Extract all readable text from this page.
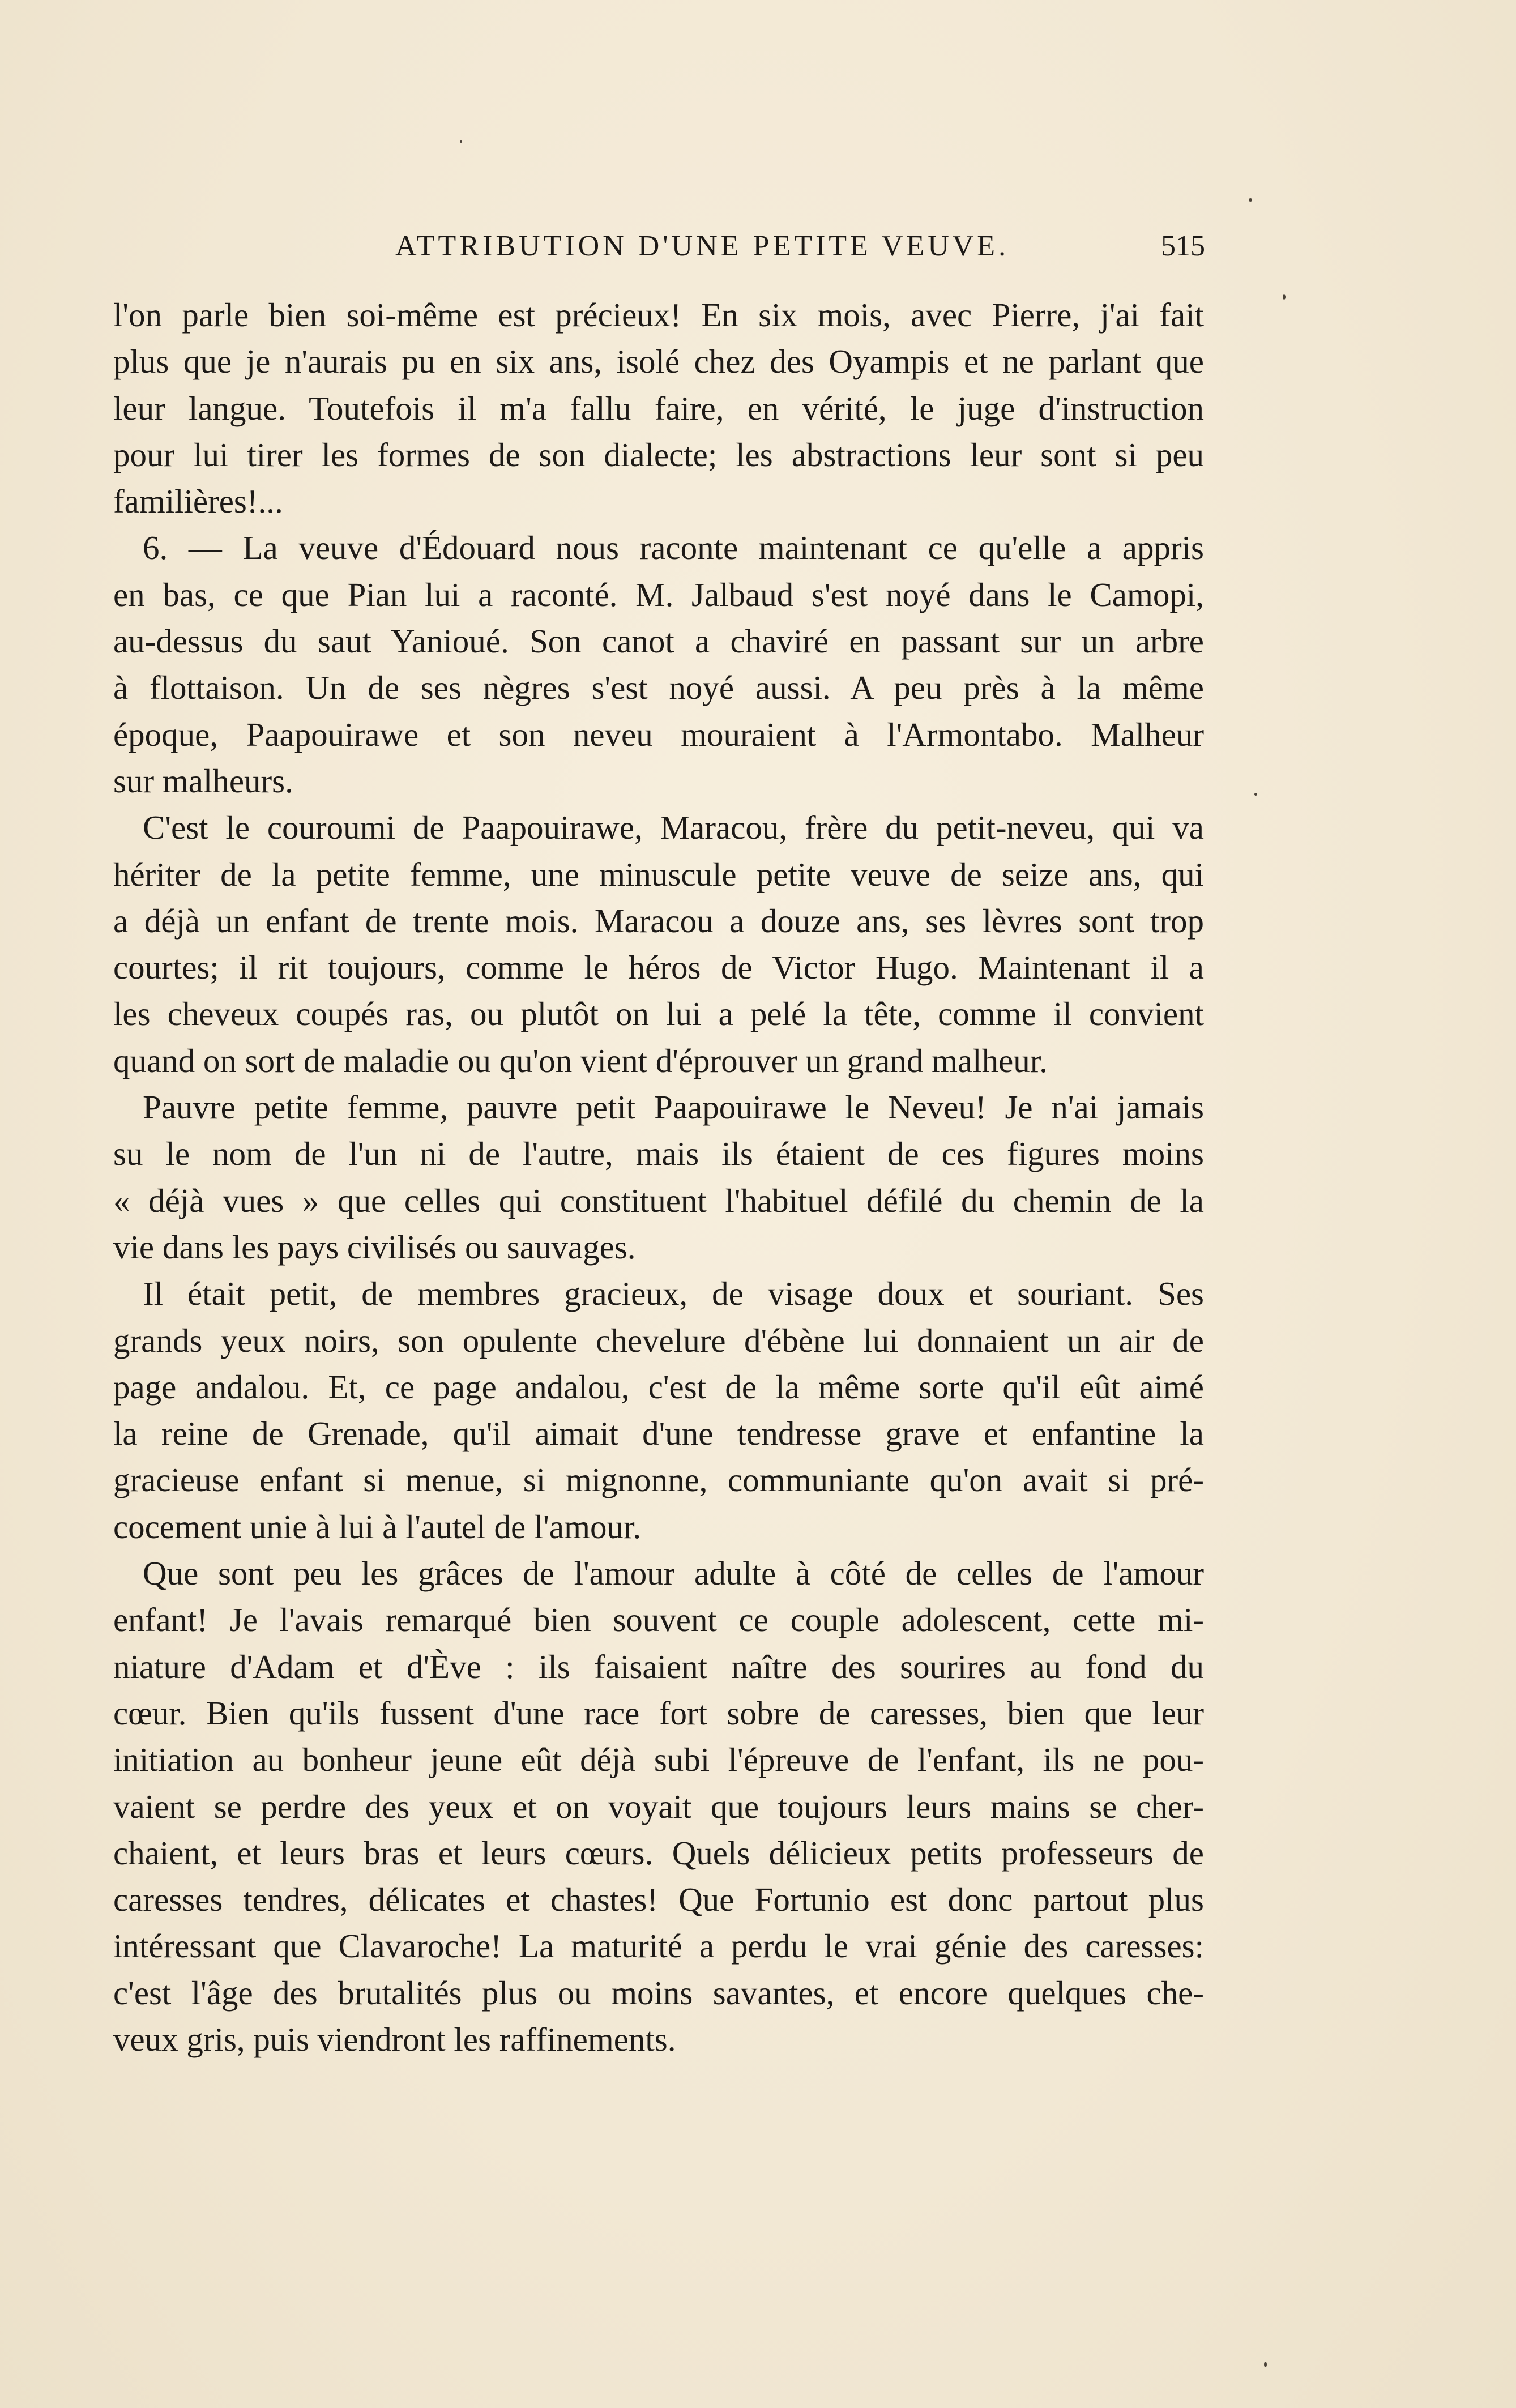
ATTRIBUTION D'UNE PETITE VEUVE.	515
l'on parle bien soi-même est précieux! En six mois, avec Pierre, j'ai fait
plus que je n'aurais pu en six ans, isolé chez des Oyampis et ne parlant que
leur langue. Toutefois il m'a fallu faire, en vérité, le juge d'instruction
pour lui tirer les formes de son dialecte; les abstractions leur sont si peu
familières!...
6. — La veuve d'Édouard nous raconte maintenant ce qu'elle a appris
en bas, ce que Pian lui a raconté. M. Jalbaud s'est noyé dans le Camopi,
au-dessus du saut Yanioué. Son canot a chaviré en passant sur un arbre
à flottaison. Un de ses nègres s'est noyé aussi. A peu près à la même
époque, Paapouirawe et son neveu mouraient à l'Armontabo. Malheur
sur malheurs.
C'est le couroumi de Paapouirawe, Maracou, frère du petit-neveu, qui va
hériter de la petite femme, une minuscule petite veuve de seize ans, qui
a déjà un enfant de trente mois. Maracou a douze ans, ses lèvres sont trop
courtes; il rit toujours, comme le héros de Victor Hugo. Maintenant il a
les cheveux coupés ras, ou plutôt on lui a pelé la tête, comme il convient
quand on sort de maladie ou qu'on vient d'éprouver un grand malheur.
Pauvre petite femme, pauvre petit Paapouirawe le Neveu! Je n'ai jamais
su le nom de l'un ni de l'autre, mais ils étaient de ces figures moins
« déjà vues » que celles qui constituent l'habituel défilé du chemin de la
vie dans les pays civilisés ou sauvages.
Il était petit, de membres gracieux, de visage doux et souriant. Ses
grands yeux noirs, son opulente chevelure d'ébène lui donnaient un air de
page andalou. Et, ce page andalou, c'est de la même sorte qu'il eût aimé
la reine de Grenade, qu'il aimait d'une tendresse grave et enfantine la
gracieuse enfant si menue, si mignonne, communiante qu'on avait si pré-
cocement unie à lui à l'autel de l'amour.
Que sont peu les grâces de l'amour adulte à côté de celles de l'amour
enfant! Je l'avais remarqué bien souvent ce couple adolescent, cette mi-
niature d'Adam et d'Ève : ils faisaient naître des sourires au fond du
cœur. Bien qu'ils fussent d'une race fort sobre de caresses, bien que leur
initiation au bonheur jeune eût déjà subi l'épreuve de l'enfant, ils ne pou-
vaient se perdre des yeux et on voyait que toujours leurs mains se cher-
chaient, et leurs bras et leurs cœurs. Quels délicieux petits professeurs de
caresses tendres, délicates et chastes! Que Fortunio est donc partout plus
intéressant que Clavaroche! La maturité a perdu le vrai génie des caresses:
c'est l'âge des brutalités plus ou moins savantes, et encore quelques che-
veux gris, puis viendront les raffinements.
